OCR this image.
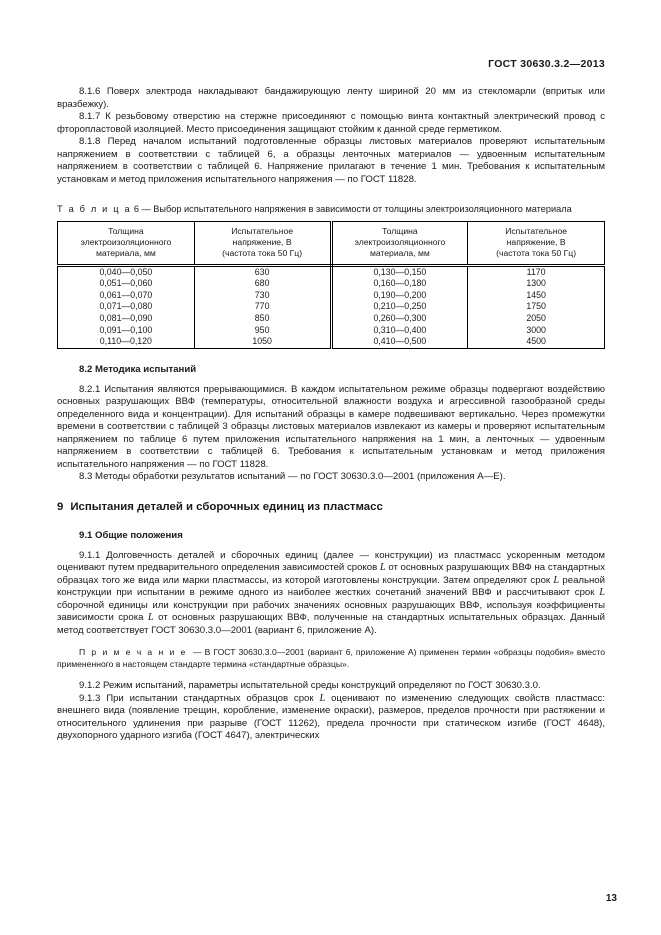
ГОСТ 30630.3.2—2013

8.1.6 Поверх электрода накладывают бандажирующую ленту шириной 20 мм из стекломарли (впритык или вразбежку).

8.1.7 К резьбовому отверстию на стержне присоединяют с помощью винта контактный электрический провод с фторопластовой изоляцией. Место присоединения защищают стойким к данной среде герметиком.

8.1.8 Перед началом испытаний подготовленные образцы листовых материалов проверяют испытательным напряжением в соответствии с таблицей 6, а образцы ленточных материалов — удвоенным испытательным напряжением в соответствии с таблицей 6. Напряжение прилагают в течение 1 мин. Требования к испытательным установкам и метод приложения испытательного напряжения — по ГОСТ 11828.

Т а б л и ц а 6 — Выбор испытательного напряжения в зависимости от толщины электроизоляционного материала
Толщина
электроизоляционного
материала, мм

Испытательное
напряжение, В
(частота тока 50 Гц)

Толщина
электроизоляционного
материала, мм

Испытательное
напряжение, В
(частота тока 50 Гц)

0,040—0,050	630	0,130—0,150	1170
0,051—0,060	680	0,160—0,180	1300
0,061—0,070	730	0,190—0,200	1450
0,071—0,080	770	0,210—0,250	1750
0,081—0,090	850	0,260—0,300	2050
0,091—0,100	950	0,310—0,400	3000
0,110—0,120	1050	0,410—0,500	4500

8.2 Методика испытаний

8.2.1 Испытания являются прерывающимися. В каждом испытательном режиме образцы подвергают воздействию основных разрушающих ВВФ (температуры, относительной влажности воздуха и агрессивной газообразной среды определенного вида и концентрации). Для испытаний образцы в камере подвешивают вертикально. Через промежутки времени в соответствии с таблицей 3 образцы листовых материалов извлекают из камеры и проверяют испытательным напряжением по таблице 6 путем приложения испытательного напряжения на 1 мин, а ленточных — удвоенным напряжением в соответствии с таблицей 6. Требования к испытательным установкам и метод приложения испытательного напряжения — по ГОСТ 11828.

8.3 Методы обработки результатов испытаний — по ГОСТ 30630.3.0—2001 (приложения А—Е).

9 Испытания деталей и сборочных единиц из пластмасс

9.1 Общие положения

9.1.1 Долговечность деталей и сборочных единиц (далее — конструкции) из пластмасс ускоренным методом оценивают путем предварительного определения зависимостей сроков L от основных разрушающих ВВФ на стандартных образцах того же вида или марки пластмассы, из которой изготовлены конструкции. Затем определяют срок L реальной конструкции при испытании в режиме одного из наиболее жестких сочетаний значений ВВФ и рассчитывают срок L сборочной единицы или конструкции при рабочих значениях основных разрушающих ВВФ, используя коэффициенты зависимости срока L от основных разрушающих ВВФ, полученные на стандартных испытательных образцах. Данный метод соответствует ГОСТ 30630.3.0—2001 (вариант 6, приложение А).

П р и м е ч а н и е — В ГОСТ 30630.3.0—2001 (вариант 6, приложение А) применен термин «образцы подобия» вместо примененного в настоящем стандарте термина «стандартные образцы».

9.1.2 Режим испытаний, параметры испытательной среды конструкций определяют по ГОСТ 30630.3.0.

9.1.3 При испытании стандартных образцов срок L оценивают по изменению следующих свойств пластмасс: внешнего вида (появление трещин, коробление, изменение окраски), размеров, пределов прочности при растяжении и относительного удлинения при разрыве (ГОСТ 11262), предела прочности при статическом изгибе (ГОСТ 4648), двухопорного ударного изгиба (ГОСТ 4647), электрических

13
